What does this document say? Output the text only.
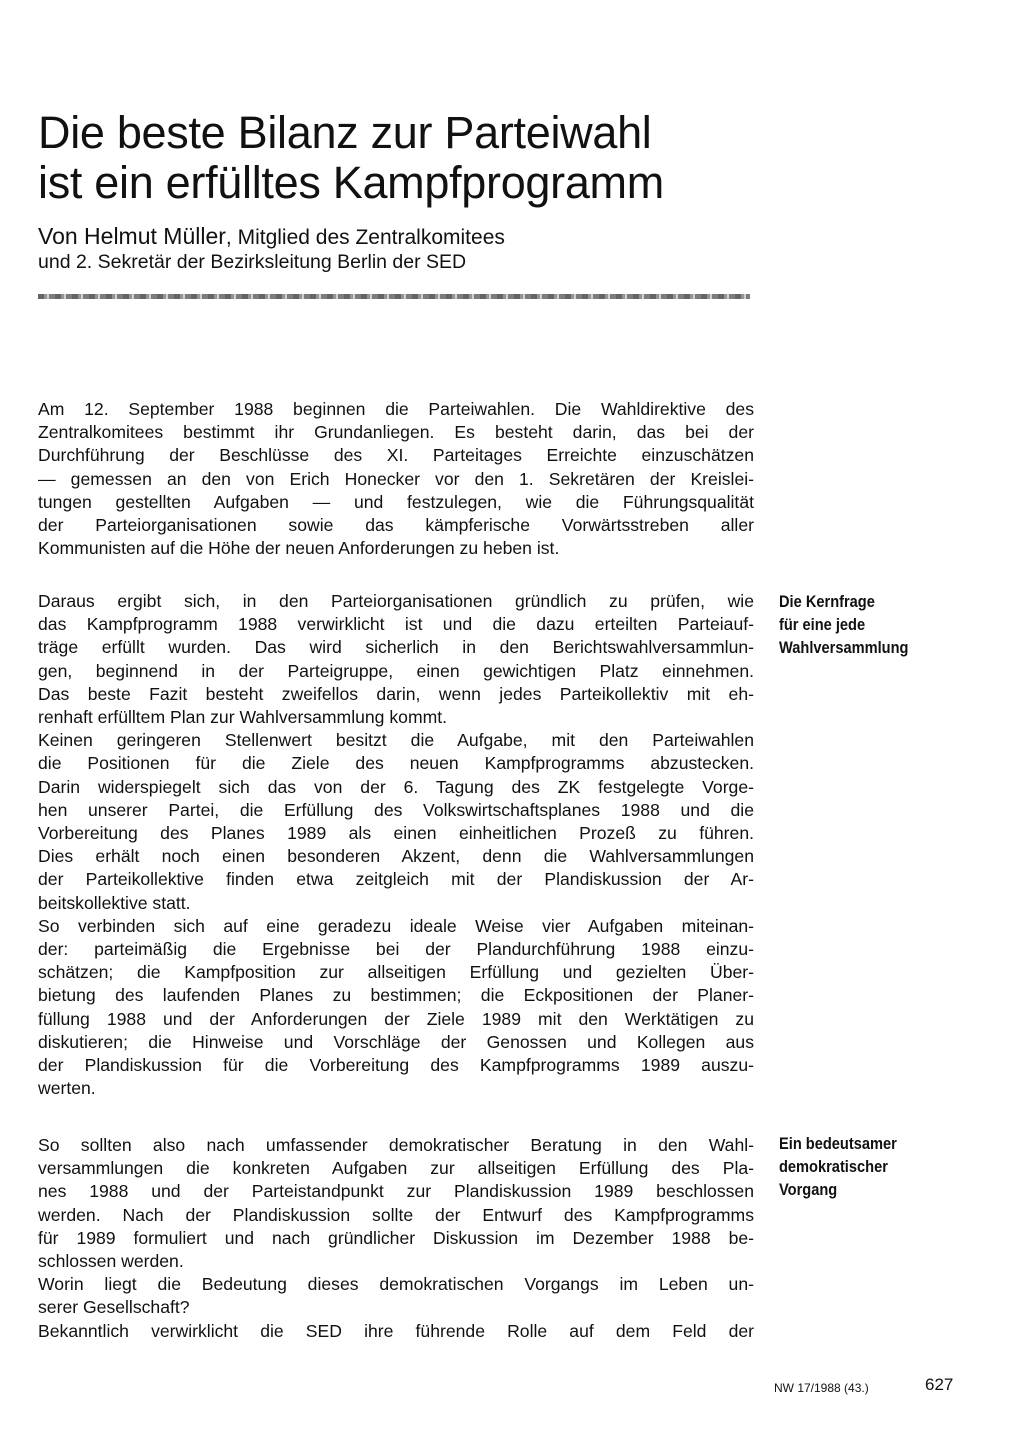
Die beste Bilanz zur Parteiwahl
ist ein erfülltes Kampfprogramm
Von Helmut Müller, Mitglied des Zentralkomitees
und 2. Sekretär der Bezirksleitung Berlin der SED

Am 12. September 1988 beginnen die Parteiwahlen. Die Wahldirektive des
Zentralkomitees bestimmt ihr Grundanliegen. Es besteht darin, das bei der
Durchführung der Beschlüsse des XI. Parteitages Erreichte einzuschätzen
— gemessen an den von Erich Honecker vor den 1. Sekretären der Kreislei-
tungen gestellten Aufgaben — und festzulegen, wie die Führungsqualität
der Parteiorganisationen sowie das kämpferische Vorwärtsstreben aller
Kommunisten auf die Höhe der neuen Anforderungen zu heben ist.

Daraus ergibt sich, in den Parteiorganisationen gründlich zu prüfen, wie
das Kampfprogramm 1988 verwirklicht ist und die dazu erteilten Parteiauf-
träge erfüllt wurden. Das wird sicherlich in den Berichtswahlversammlun-
gen, beginnend in der Parteigruppe, einen gewichtigen Platz einnehmen.
Das beste Fazit besteht zweifellos darin, wenn jedes Parteikollektiv mit eh-
renhaft erfülltem Plan zur Wahlversammlung kommt.

Keinen geringeren Stellenwert besitzt die Aufgabe, mit den Parteiwahlen
die Positionen für die Ziele des neuen Kampfprogramms abzustecken.
Darin widerspiegelt sich das von der 6. Tagung des ZK festgelegte Vorge-
hen unserer Partei, die Erfüllung des Volkswirtschaftsplanes 1988 und die
Vorbereitung des Planes 1989 als einen einheitlichen Prozeß zu führen.
Dies erhält noch einen besonderen Akzent, denn die Wahlversammlungen
der Parteikollektive finden etwa zeitgleich mit der Plandiskussion der Ar-
beitskollektive statt.

So verbinden sich auf eine geradezu ideale Weise vier Aufgaben miteinan-
der: parteimäßig die Ergebnisse bei der Plandurchführung 1988 einzu-
schätzen; die Kampfposition zur allseitigen Erfüllung und gezielten Über-
bietung des laufenden Planes zu bestimmen; die Eckpositionen der Planer-
füllung 1988 und der Anforderungen der Ziele 1989 mit den Werktätigen zu
diskutieren; die Hinweise und Vorschläge der Genossen und Kollegen aus
der Plandiskussion für die Vorbereitung des Kampfprogramms 1989 auszu-
werten.

So sollten also nach umfassender demokratischer Beratung in den Wahl-
versammlungen die konkreten Aufgaben zur allseitigen Erfüllung des Pla-
nes 1988 und der Parteistandpunkt zur Plandiskussion 1989 beschlossen
werden. Nach der Plandiskussion sollte der Entwurf des Kampfprogramms
für 1989 formuliert und nach gründlicher Diskussion im Dezember 1988 be-
schlossen werden.

Worin liegt die Bedeutung dieses demokratischen Vorgangs im Leben un-
serer Gesellschaft?

Bekanntlich verwirklicht die SED ihre führende Rolle auf dem Feld der

Die Kernfrage
für eine jede
Wahlversammlung
Ein bedeutsamer
demokratischer
Vorgang
NW 17/1988 (43.)	627
